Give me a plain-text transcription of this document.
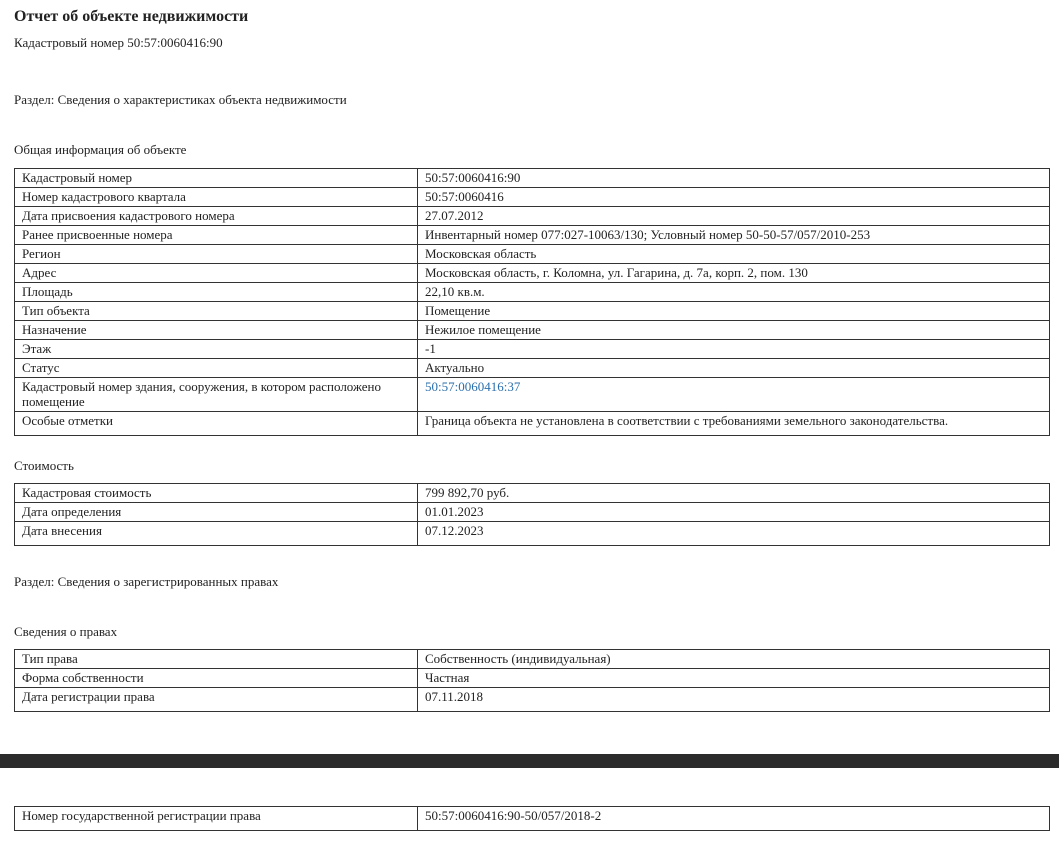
Отчет об объекте недвижимости
Кадастровый номер 50:57:0060416:90
Раздел: Сведения о характеристиках объекта недвижимости
Общая информация об объекте
Кадастровый номер	50:57:0060416:90
Номер кадастрового квартала	50:57:0060416
Дата присвоения кадастрового номера	27.07.2012
Ранее присвоенные номера	Инвентарный номер 077:027-10063/130; Условный номер 50-50-57/057/2010-253
Регион	Московская область
Адрес	Московская область, г. Коломна, ул. Гагарина, д. 7а, корп. 2, пом. 130
Площадь	22,10 кв.м.
Тип объекта	Помещение
Назначение	Нежилое помещение
Этаж	-1
Статус	Актуально
Кадастровый номер здания, сооружения, в котором расположено помещение	50:57:0060416:37
Особые отметки	Граница объекта не установлена в соответствии с требованиями земельного законодательства.
Стоимость
Кадастровая стоимость	799 892,70 руб.
Дата определения	01.01.2023
Дата внесения	07.12.2023
Раздел: Сведения о зарегистрированных правах
Сведения о правах
Тип права	Собственность (индивидуальная)
Форма собственности	Частная
Дата регистрации права	07.11.2018
Номер государственной регистрации права	50:57:0060416:90-50/057/2018-2
